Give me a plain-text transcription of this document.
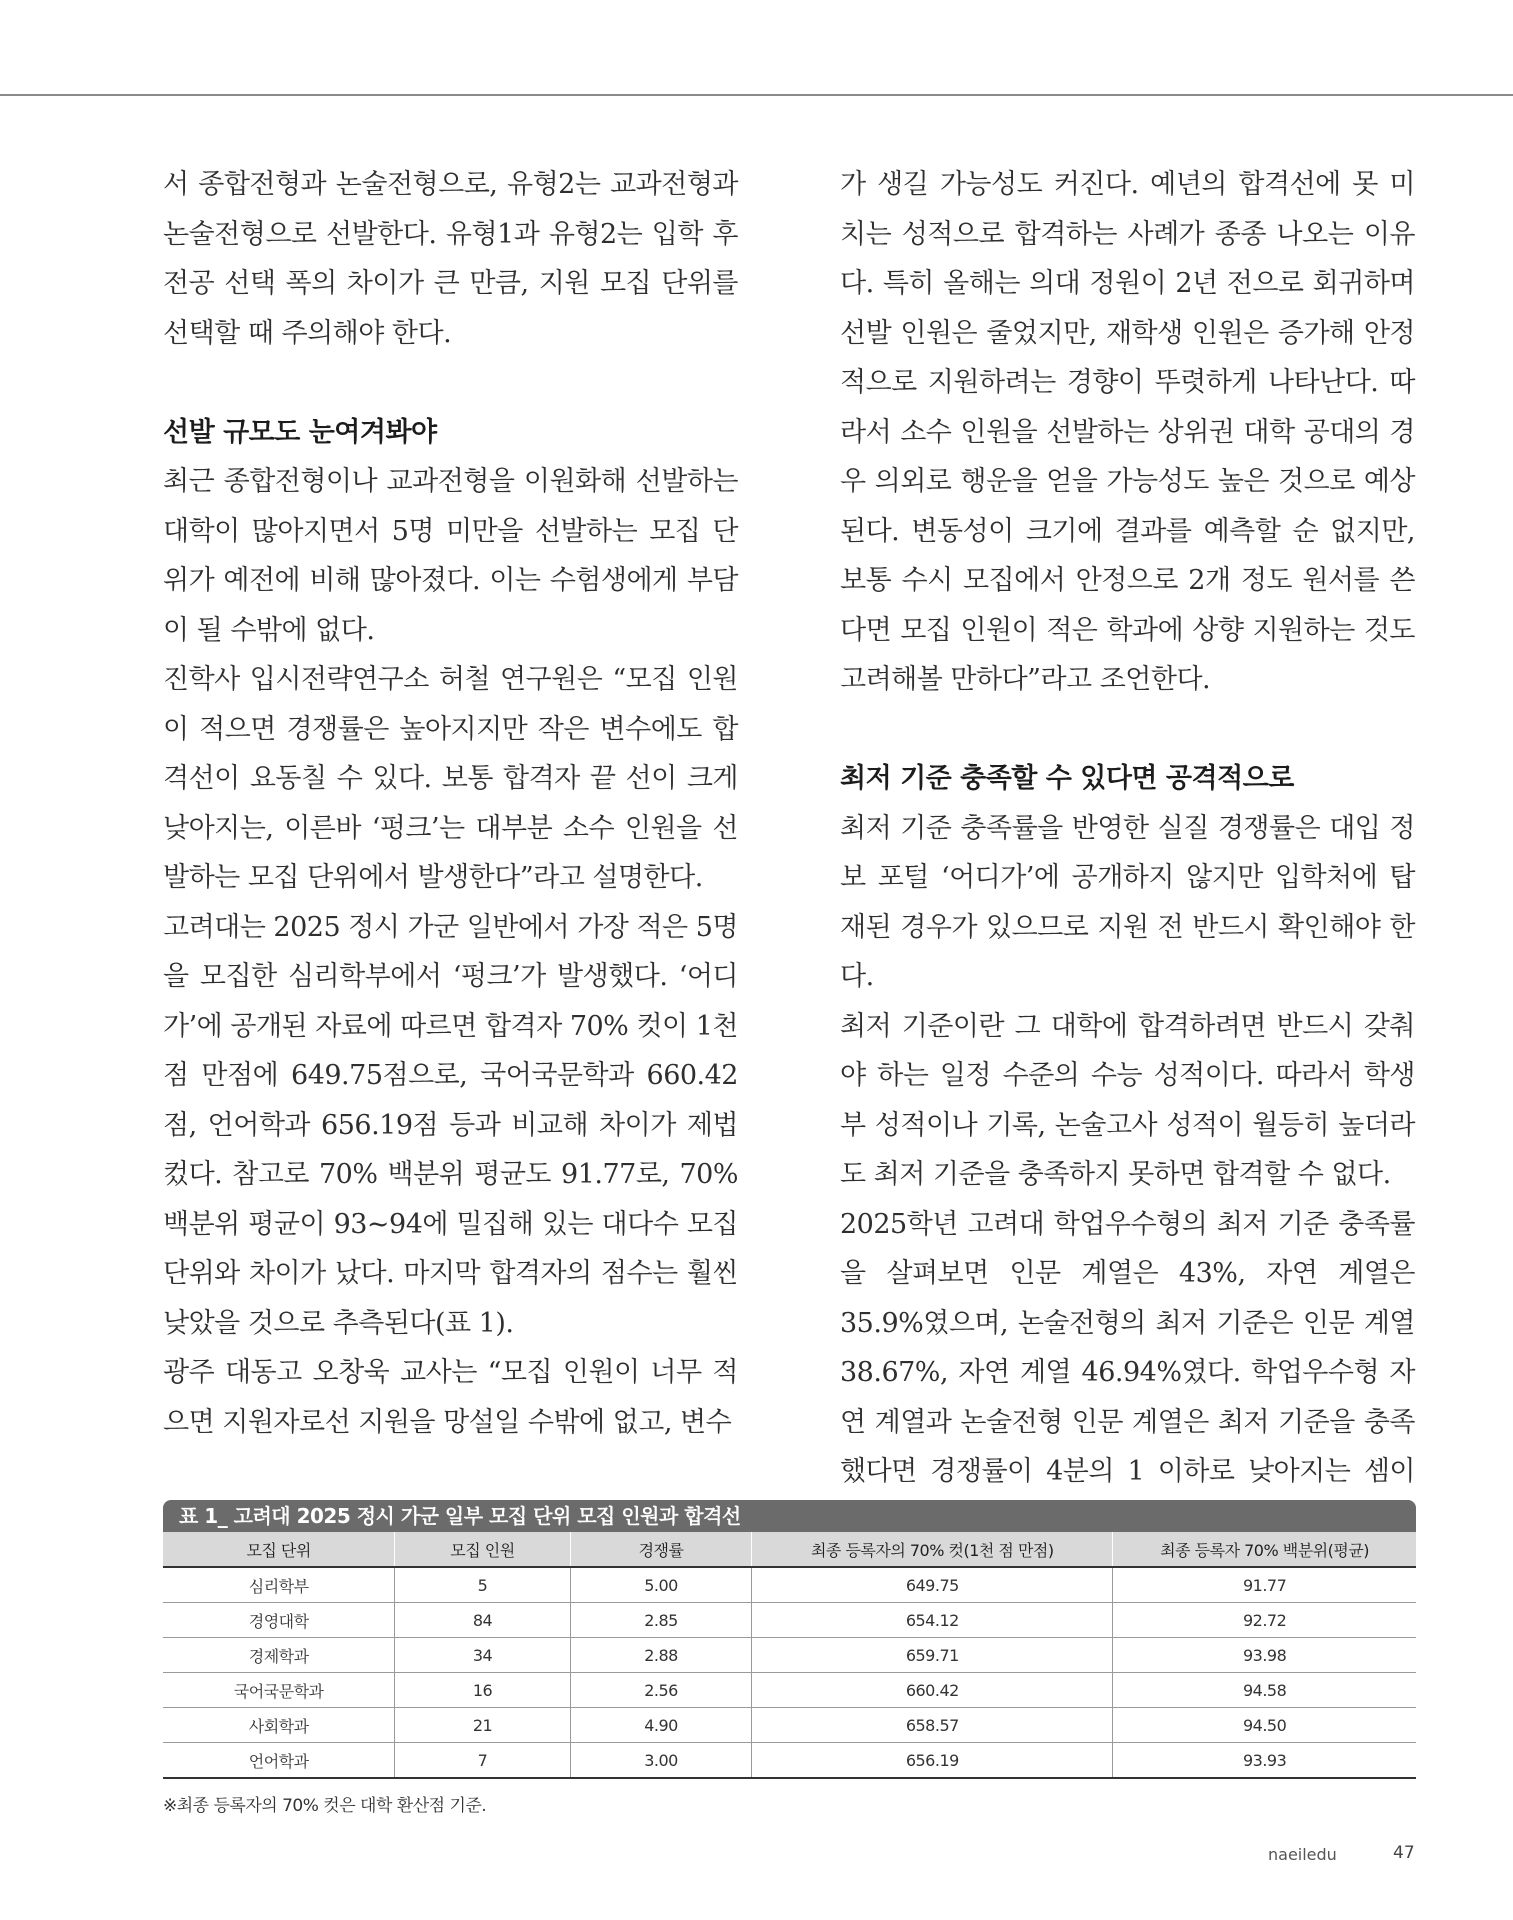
서 종합전형과 논술전형으로, 유형2는 교과전형과 논술전형으로 선발한다. 유형1과 유형2는 입학 후 전공 선택 폭의 차이가 큰 만큼, 지원 모집 단위를 선택할 때 주의해야 한다.

선발 규모도 눈여겨봐야

최근 종합전형이나 교과전형을 이원화해 선발하는 대학이 많아지면서 5명 미만을 선발하는 모집 단위가 예전에 비해 많아졌다. 이는 수험생에게 부담이 될 수밖에 없다.

진학사 입시전략연구소 허철 연구원은 “모집 인원이 적으면 경쟁률은 높아지지만 작은 변수에도 합격선이 요동칠 수 있다. 보통 합격자 끝 선이 크게 낮아지는, 이른바 ‘펑크’는 대부분 소수 인원을 선발하는 모집 단위에서 발생한다”라고 설명한다.

고려대는 2025 정시 가군 일반에서 가장 적은 5명을 모집한 심리학부에서 ‘펑크’가 발생했다. ‘어디가’에 공개된 자료에 따르면 합격자 70% 컷이 1천 점 만점에 649.75점으로, 국어국문학과 660.42점, 언어학과 656.19점 등과 비교해 차이가 제법 컸다. 참고로 70% 백분위 평균도 91.77로, 70% 백분위 평균이 93~94에 밀집해 있는 대다수 모집 단위와 차이가 났다. 마지막 합격자의 점수는 훨씬 낮았을 것으로 추측된다(표 1).

광주 대동고 오창욱 교사는 “모집 인원이 너무 적으면 지원자로선 지원을 망설일 수밖에 없고, 변수

가 생길 가능성도 커진다. 예년의 합격선에 못 미치는 성적으로 합격하는 사례가 종종 나오는 이유다. 특히 올해는 의대 정원이 2년 전으로 회귀하며 선발 인원은 줄었지만, 재학생 인원은 증가해 안정적으로 지원하려는 경향이 뚜렷하게 나타난다. 따라서 소수 인원을 선발하는 상위권 대학 공대의 경우 의외로 행운을 얻을 가능성도 높은 것으로 예상된다. 변동성이 크기에 결과를 예측할 순 없지만, 보통 수시 모집에서 안정으로 2개 정도 원서를 쓴다면 모집 인원이 적은 학과에 상향 지원하는 것도 고려해볼 만하다”라고 조언한다.

최저 기준 충족할 수 있다면 공격적으로

최저 기준 충족률을 반영한 실질 경쟁률은 대입 정보 포털 ‘어디가’에 공개하지 않지만 입학처에 탑재된 경우가 있으므로 지원 전 반드시 확인해야 한다.

최저 기준이란 그 대학에 합격하려면 반드시 갖춰야 하는 일정 수준의 수능 성적이다. 따라서 학생부 성적이나 기록, 논술고사 성적이 월등히 높더라도 최저 기준을 충족하지 못하면 합격할 수 없다.

2025학년 고려대 학업우수형의 최저 기준 충족률을 살펴보면 인문 계열은 43%, 자연 계열은 35.9%였으며, 논술전형의 최저 기준은 인문 계열 38.67%, 자연 계열 46.94%였다. 학업우수형 자연 계열과 논술전형 인문 계열은 최저 기준을 충족했다면 경쟁률이 4분의 1 이하로 낮아지는 셈이

표 1_ 고려대 2025 정시 가군 일부 모집 단위 모집 인원과 합격선
모집 단위	모집 인원	경쟁률	최종 등록자의 70% 컷(1천 점 만점)	최종 등록자 70% 백분위(평균)
심리학부	5	5.00	649.75	91.77
경영대학	84	2.85	654.12	92.72
경제학과	34	2.88	659.71	93.98
국어국문학과	16	2.56	660.42	94.58
사회학과	21	4.90	658.57	94.50
언어학과	7	3.00	656.19	93.93
※최종 등록자의 70% 컷은 대학 환산점 기준.
naeiledu	47
